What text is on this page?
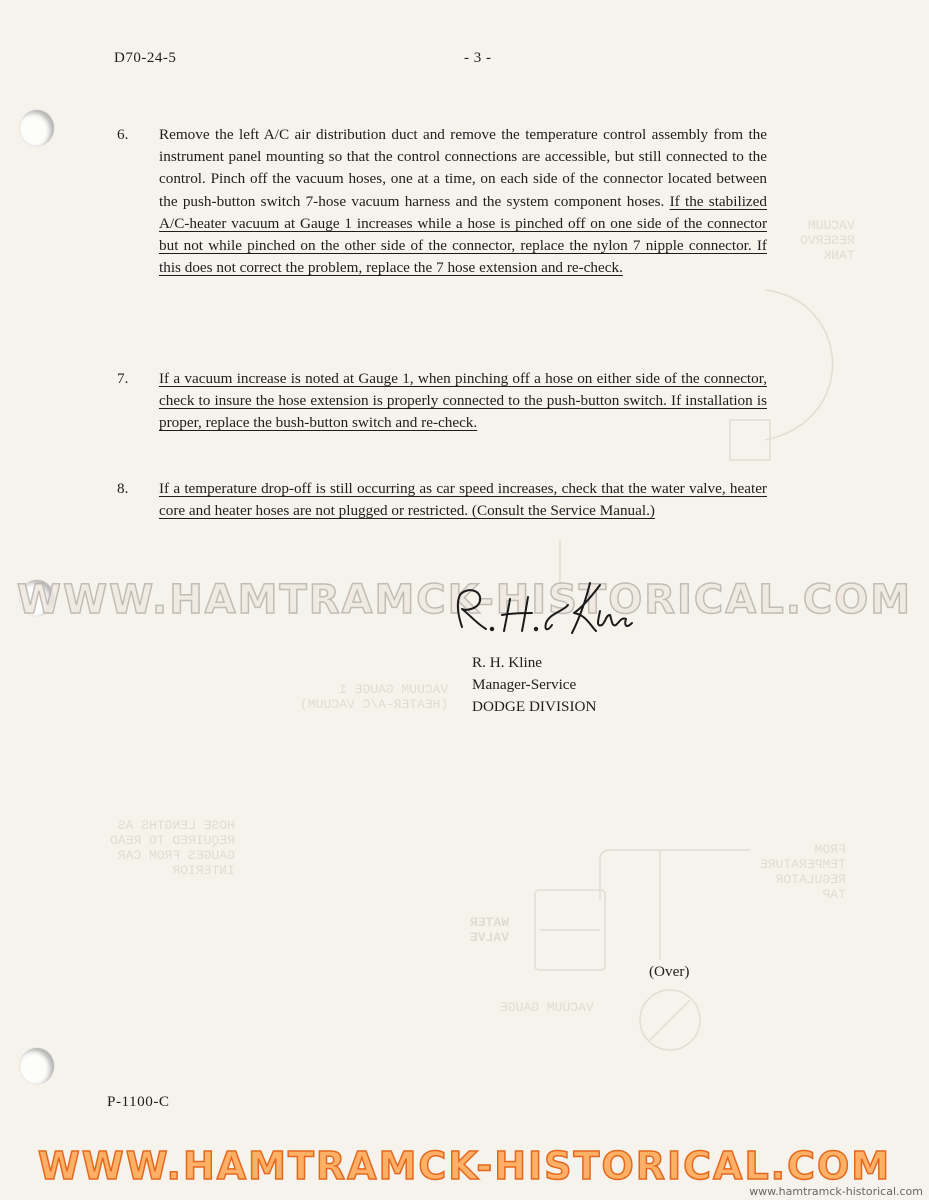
VACUUM
RESERVO
TANK
VACUUM GAUGE 1
(HEATER-A/C VACUUM)
HOSE LENGTHS AS
REQUIRED TO READ
GAUGES FROM CAR
INTERIOR
FROM
TEMPERATURE
REGULATOR
TAP
WATER
VALVE
VACUUM GAUGE
D70-24-5	- 3 -
6. Remove the left A/C air distribution duct and remove the temperature control assembly from the instrument panel mounting so that the control connections are accessible, but still connected to the control. Pinch off the vacuum hoses, one at a time, on each side of the connector located between the push-button switch 7-hose vacuum harness and the system component hoses. If the stabilized A/C-heater vacuum at Gauge 1 increases while a hose is pinched off on one side of the connector but not while pinched on the other side of the connector, replace the nylon 7 nipple connector. If this does not correct the problem, replace the 7 hose extension and re-check.
7. If a vacuum increase is noted at Gauge 1, when pinching off a hose on either side of the connector, check to insure the hose extension is properly connected to the push-button switch. If installation is proper, replace the bush-button switch and re-check.
8. If a temperature drop-off is still occurring as car speed increases, check that the water valve, heater core and heater hoses are not plugged or restricted. (Consult the Service Manual.)
WWW.HAMTRAMCK-HISTORICAL.COM
R. H. Kline
Manager-Service
DODGE DIVISION
(Over)
P-1100-C
WWW.HAMTRAMCK-HISTORICAL.COM
www.hamtramck-historical.com
